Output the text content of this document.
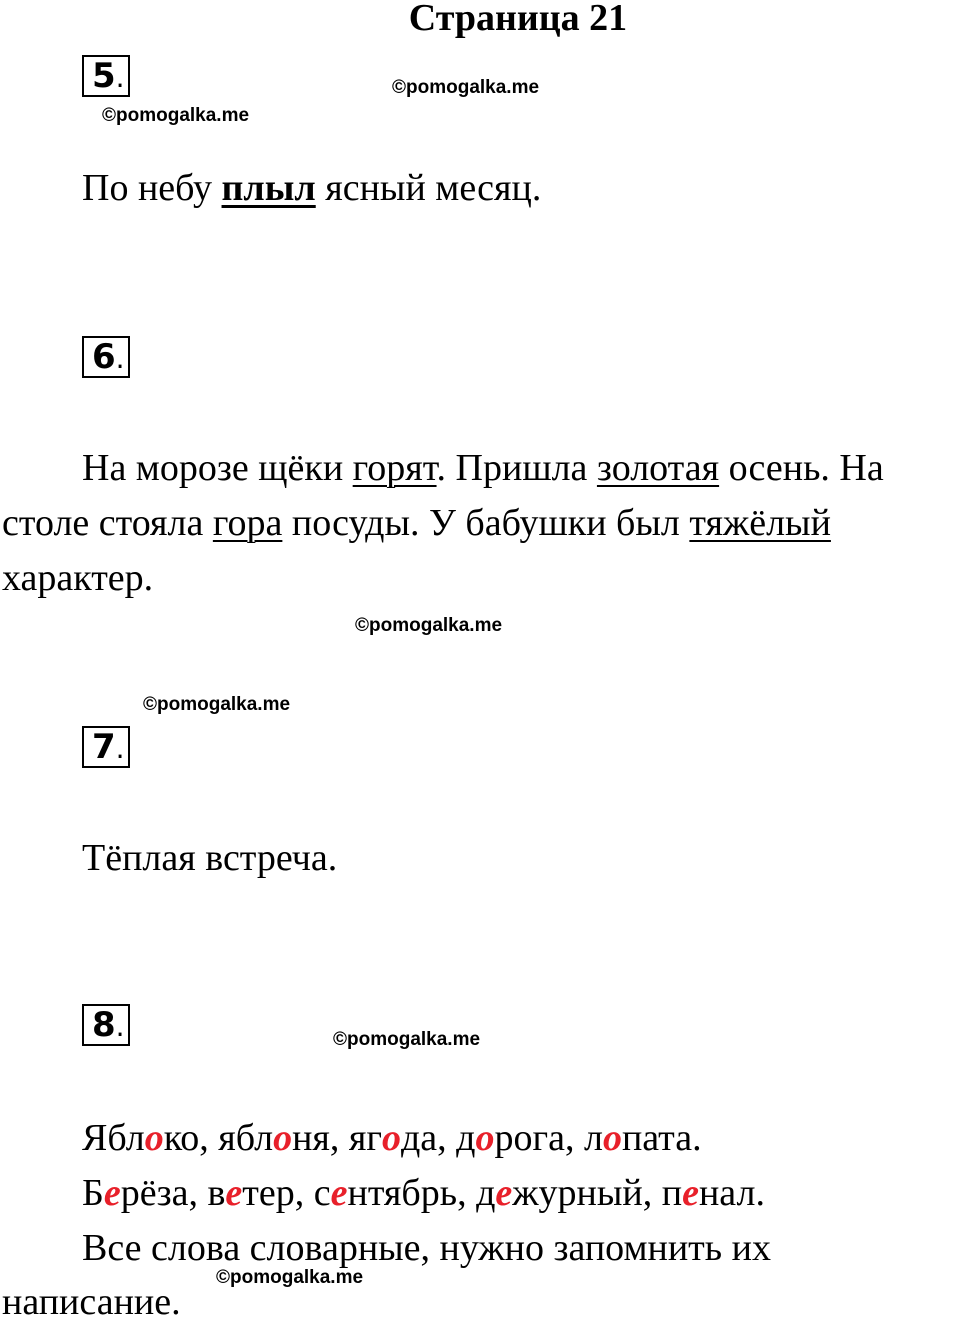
Страница 21
5.	©pomogalka.me
©pomogalka.me
По небу плыл ясный месяц.
6.
На морозе щёки горят. Пришла золотая осень. На
столе стояла гора посуды. У бабушки был тяжёлый
характер.
©pomogalka.me
©pomogalka.me
7.
Тёплая встреча.
8.	©pomogalka.me
Яблоко, яблоня, ягода, дорога, лопата.
Берёза, ветер, сентябрь, дежурный, пенал.
Все слова словарные, нужно запомнить их
©pomogalka.me
написание.
